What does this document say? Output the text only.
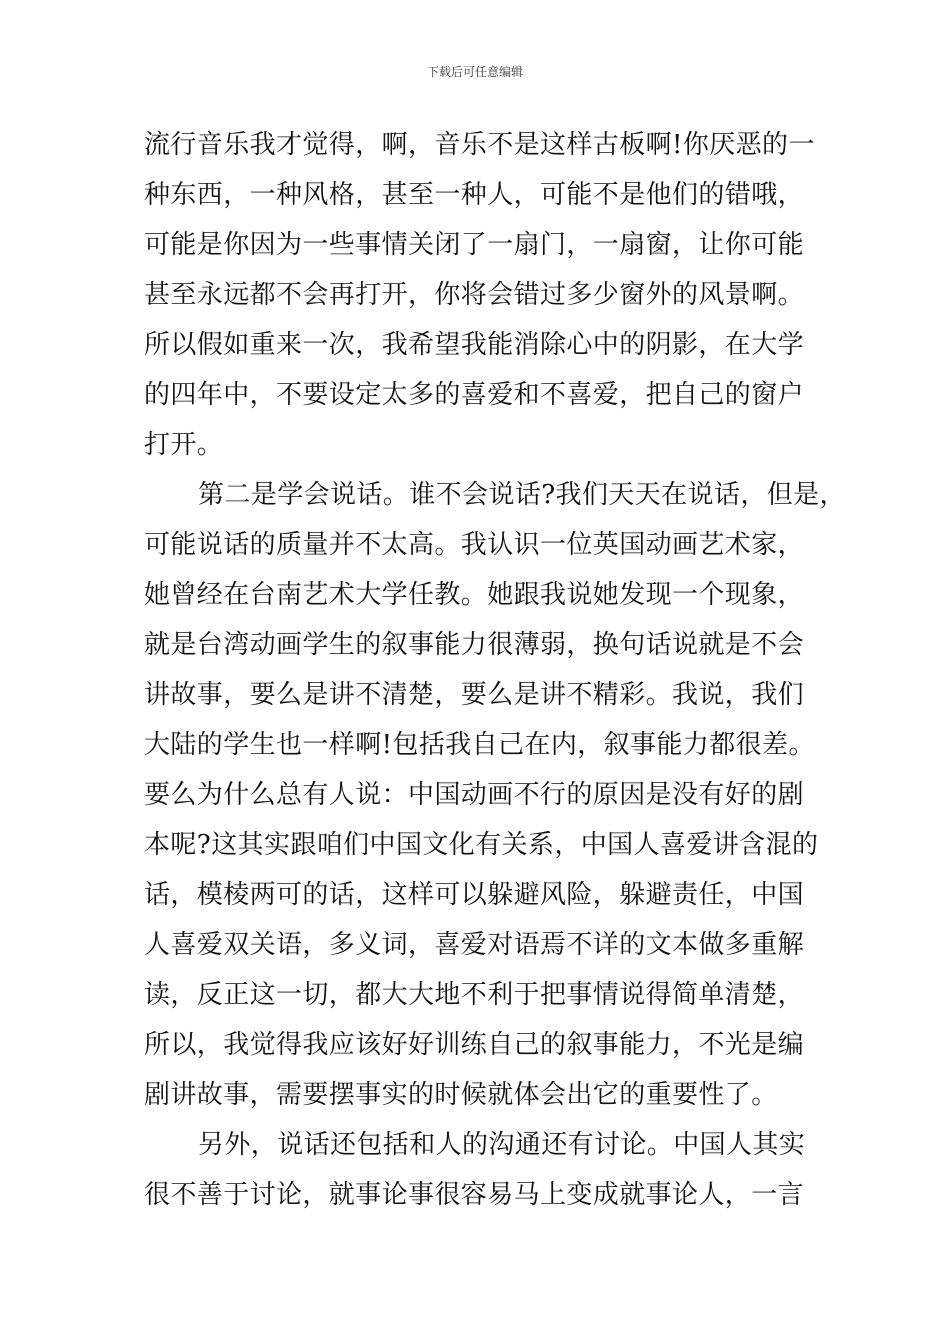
下载后可任意编辑
流行音乐我才觉得，啊，音乐不是这样古板啊!你厌恶的一
种东西，一种风格，甚至一种人，可能不是他们的错哦，
可能是你因为一些事情关闭了一扇门，一扇窗，让你可能
甚至永远都不会再打开，你将会错过多少窗外的风景啊。
所以假如重来一次，我希望我能消除心中的阴影，在大学
的四年中，不要设定太多的喜爱和不喜爱，把自己的窗户
打开。
第二是学会说话。谁不会说话?我们天天在说话，但是，
可能说话的质量并不太高。我认识一位英国动画艺术家，
她曾经在台南艺术大学任教。她跟我说她发现一个现象，
就是台湾动画学生的叙事能力很薄弱，换句话说就是不会
讲故事，要么是讲不清楚，要么是讲不精彩。我说，我们
大陆的学生也一样啊!包括我自己在内，叙事能力都很差。
要么为什么总有人说：中国动画不行的原因是没有好的剧
本呢?这其实跟咱们中国文化有关系，中国人喜爱讲含混的
话，模棱两可的话，这样可以躲避风险，躲避责任，中国
人喜爱双关语，多义词，喜爱对语焉不详的文本做多重解
读，反正这一切，都大大地不利于把事情说得简单清楚，
所以，我觉得我应该好好训练自己的叙事能力，不光是编
剧讲故事，需要摆事实的时候就体会出它的重要性了。
另外，说话还包括和人的沟通还有讨论。中国人其实
很不善于讨论，就事论事很容易马上变成就事论人，一言
